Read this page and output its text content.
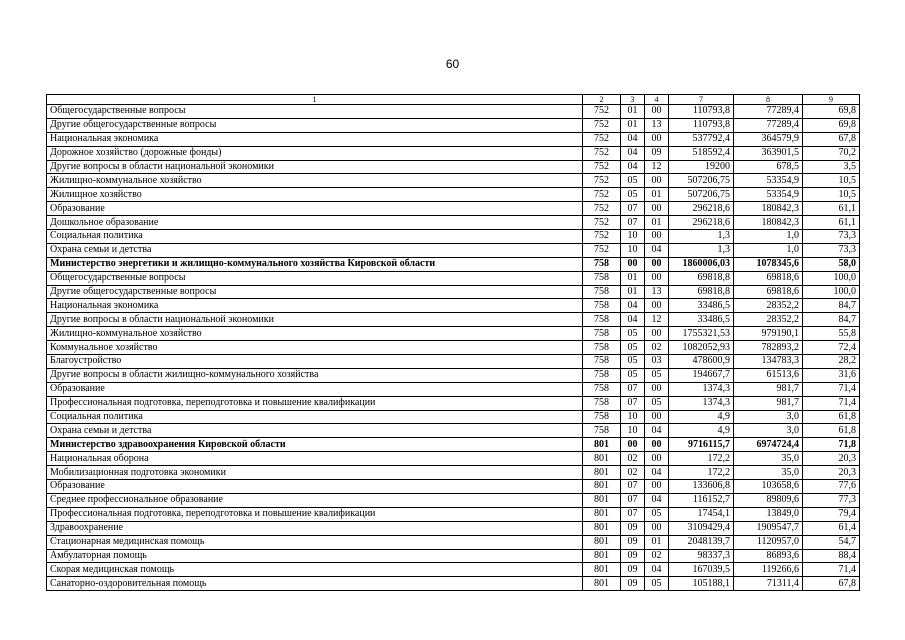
60
1	2	3	4	7	8	9
Общегосударственные вопросы	752	01	00	110793,8	77289,4	69,8
Другие общегосударственные вопросы	752	01	13	110793,8	77289,4	69,8
Национальная экономика	752	04	00	537792,4	364579,9	67,8
Дорожное хозяйство (дорожные фонды)	752	04	09	518592,4	363901,5	70,2
Другие вопросы в области национальной экономики	752	04	12	19200	678,5	3,5
Жилищно-коммунальное хозяйство	752	05	00	507206,75	53354,9	10,5
Жилищное хозяйство	752	05	01	507206,75	53354,9	10,5
Образование	752	07	00	296218,6	180842,3	61,1
Дошкольное образование	752	07	01	296218,6	180842,3	61,1
Социальная политика	752	10	00	1,3	1,0	73,3
Охрана семьи и детства	752	10	04	1,3	1,0	73,3
Министерство энергетики и жилищно-коммунального хозяйства Кировской области	758	00	00	1860006,03	1078345,6	58,0
Общегосударственные вопросы	758	01	00	69818,8	69818,6	100,0
Другие общегосударственные вопросы	758	01	13	69818,8	69818,6	100,0
Национальная экономика	758	04	00	33486,5	28352,2	84,7
Другие вопросы в области национальной экономики	758	04	12	33486,5	28352,2	84,7
Жилищно-коммунальное хозяйство	758	05	00	1755321,53	979190,1	55,8
Коммунальное хозяйство	758	05	02	1082052,93	782893,2	72,4
Благоустройство	758	05	03	478600,9	134783,3	28,2
Другие вопросы в области жилищно-коммунального хозяйства	758	05	05	194667,7	61513,6	31,6
Образование	758	07	00	1374,3	981,7	71,4
Профессиональная подготовка, переподготовка и повышение квалификации	758	07	05	1374,3	981,7	71,4
Социальная политика	758	10	00	4,9	3,0	61,8
Охрана семьи и детства	758	10	04	4,9	3,0	61,8
Министерство здравоохранения Кировской области	801	00	00	9716115,7	6974724,4	71,8
Национальная оборона	801	02	00	172,2	35,0	20,3
Мобилизационная подготовка экономики	801	02	04	172,2	35,0	20,3
Образование	801	07	00	133606,8	103658,6	77,6
Среднее профессиональное образование	801	07	04	116152,7	89809,6	77,3
Профессиональная подготовка, переподготовка и повышение квалификации	801	07	05	17454,1	13849,0	79,4
Здравоохранение	801	09	00	3109429,4	1909547,7	61,4
Стационарная медицинская помощь	801	09	01	2048139,7	1120957,0	54,7
Амбулаторная помощь	801	09	02	98337,3	86893,6	88,4
Скорая медицинская помощь	801	09	04	167039,5	119266,6	71,4
Санаторно-оздоровительная помощь	801	09	05	105188,1	71311,4	67,8
